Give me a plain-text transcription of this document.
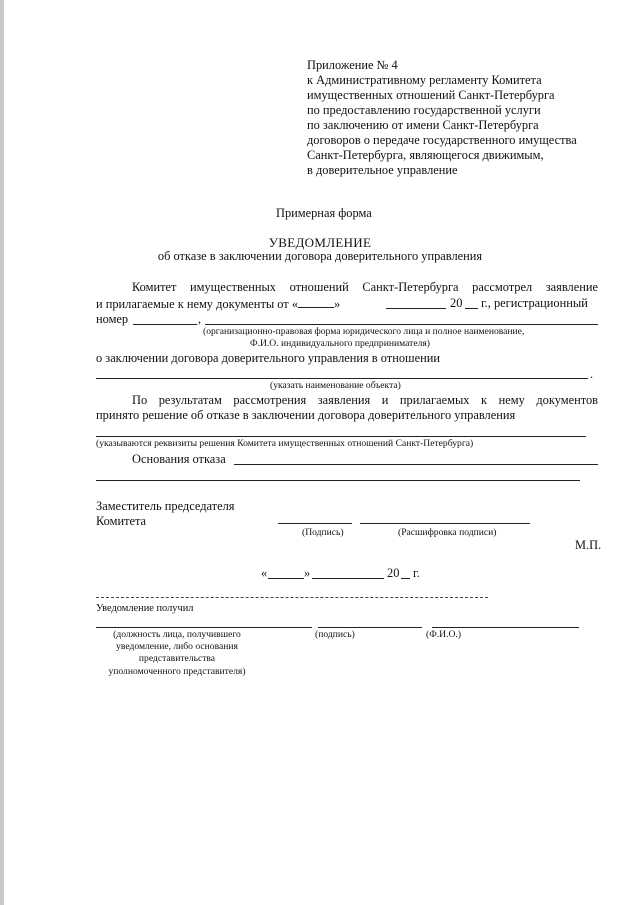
Приложение № 4
к Административному регламенту Комитета
имущественных отношений Санкт-Петербурга
по предоставлению государственной услуги
по заключению от имени Санкт-Петербурга
договоров о передаче государственного имущества
Санкт-Петербурга, являющегося движимым,
в доверительное управление
Примерная форма
УВЕДОМЛЕНИЕ
об отказе в заключении договора доверительного управления
Комитет имущественных отношений Санкт-Петербурга рассмотрел заявление
и прилагаемые к нему документы от «	»	20 г., регистрационный
номер	,
(организационно-правовая форма юридического лица и полное наименование,
Ф.И.О. индивидуального предпринимателя)
о заключении договора доверительного управления в отношении
.
(указать наименование объекта)
По результатам рассмотрения заявления и прилагаемых к нему документов
принято решение об отказе в заключении договора доверительного управления
(указываются реквизиты решения Комитета имущественных отношений Санкт-Петербурга)
Основания отказа
Заместитель председателя
Комитета
(Подпись)	(Расшифровка подписи)
М.П.
«	»	20 г.
Уведомление получил
(должность лица, получившего
уведомление, либо основания
представительства
уполномоченного представителя)
(подпись)	(Ф.И.О.)
